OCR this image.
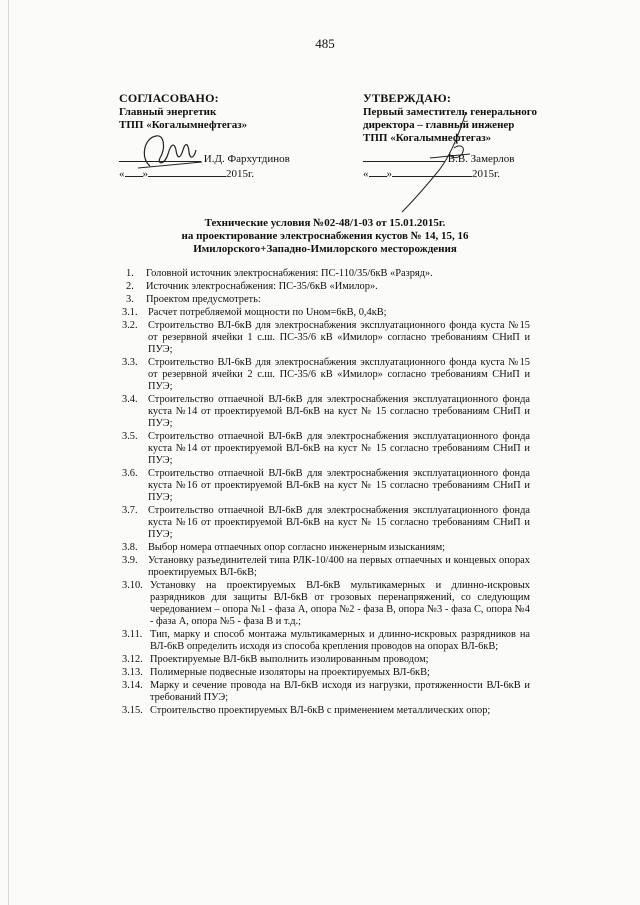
485
СОГЛАСОВАНО:
Главный энергетик
ТПП «Когалымнефтегаз»
И.Д. Фархутдинов
« »	2015г.
УТВЕРЖДАЮ:
Первый заместитель генерального
директора – главный инженер
ТПП «Когалымнефтегаз»
В.В. Замерлов
« »	2015г.
Технические условия №02-48/1-03 от 15.01.2015г.
на проектирование электроснабжения кустов № 14, 15, 16
Имилорского+Западно-Имилорского месторождения
1.	Головной источник электроснабжения: ПС-110/35/6кВ «Разряд».
2.	Источник электроснабжения: ПС-35/6кВ «Имилор».
3.	Проектом предусмотреть:
3.1.	Расчет потребляемой мощности по Uном=6кВ, 0,4кВ;
3.2.	Строительство ВЛ-6кВ для электроснабжения эксплуатационного фонда куста №15 от резервной ячейки 1 с.ш. ПС-35/6 кВ «Имилор» согласно требованиям СНиП и ПУЭ;
3.3.	Строительство ВЛ-6кВ для электроснабжения эксплуатационного фонда куста №15 от резервной ячейки 2 с.ш. ПС-35/6 кВ «Имилор» согласно требованиям СНиП и ПУЭ;
3.4.	Строительство отпаечной ВЛ-6кВ для электроснабжения эксплуатационного фонда куста №14 от проектируемой ВЛ-6кВ на куст № 15 согласно требованиям СНиП и ПУЭ;
3.5.	Строительство отпаечной ВЛ-6кВ для электроснабжения эксплуатационного фонда куста №14 от проектируемой ВЛ-6кВ на куст № 15 согласно требованиям СНиП и ПУЭ;
3.6.	Строительство отпаечной ВЛ-6кВ для электроснабжения эксплуатационного фонда куста №16 от проектируемой ВЛ-6кВ на куст № 15 согласно требованиям СНиП и ПУЭ;
3.7.	Строительство отпаечной ВЛ-6кВ для электроснабжения эксплуатационного фонда куста №16 от проектируемой ВЛ-6кВ на куст № 15 согласно требованиям СНиП и ПУЭ;
3.8.	Выбор номера отпаечных опор согласно инженерным изысканиям;
3.9.	Установку разъединителей типа РЛК-10/400 на первых отпаечных и концевых опорах проектируемых ВЛ-6кВ;
3.10. Установку на проектируемых ВЛ-6кВ мультикамерных и длинно-искровых разрядников для защиты ВЛ-6кВ от грозовых перенапряжений, со следующим чередованием – опора №1 - фаза А, опора №2 - фаза В, опора №3 - фаза С, опора №4 - фаза А, опора №5 - фаза В и т.д.;
3.11. Тип, марку и способ монтажа мультикамерных и длинно-искровых разрядников на ВЛ-6кВ определить исходя из способа крепления проводов на опорах ВЛ-6кВ;
3.12. Проектируемые ВЛ-6кВ выполнить изолированным проводом;
3.13. Полимерные подвесные изоляторы на проектируемых ВЛ-6кВ;
3.14. Марку и сечение провода на ВЛ-6кВ исходя из нагрузки, протяженности ВЛ-6кВ и требований ПУЭ;
3.15. Строительство проектируемых ВЛ-6кВ с применением металлических опор;
